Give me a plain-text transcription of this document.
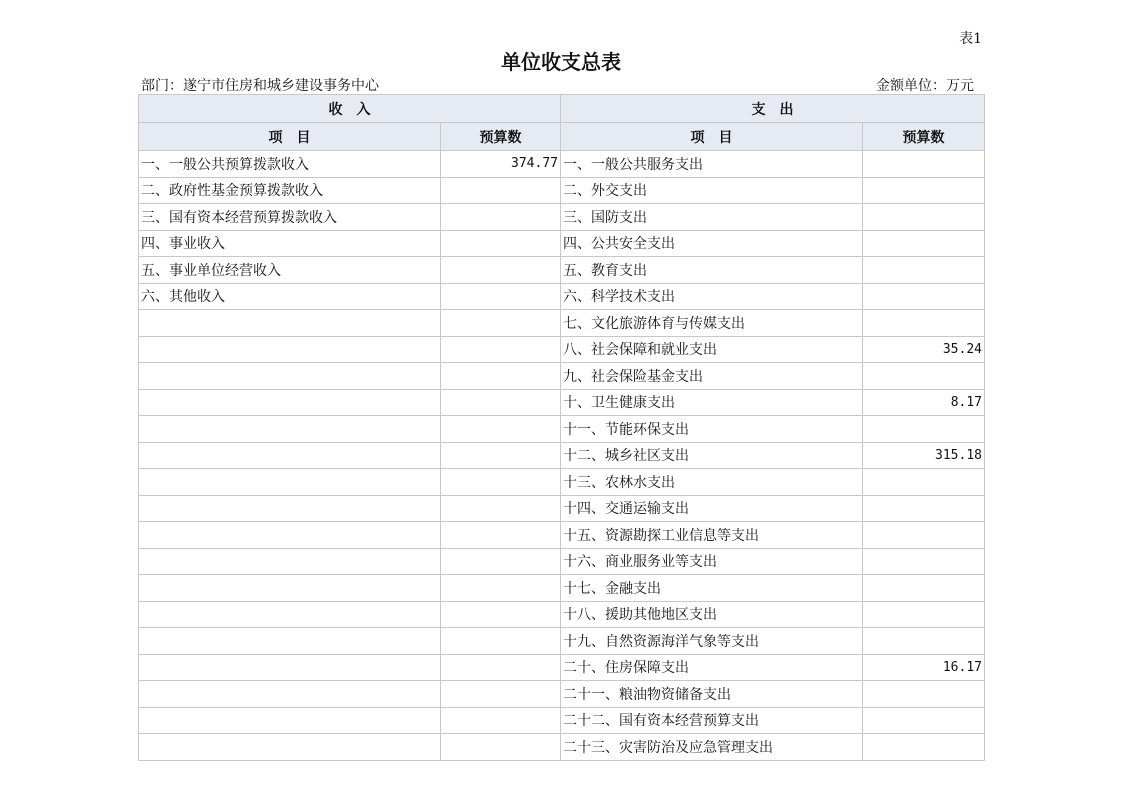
表1
单位收支总表
部门：遂宁市住房和城乡建设事务中心	金额单位：万元
收　入		支　出	
项　目	预算数	项　目	预算数
一、一般公共预算拨款收入	374.77	一、一般公共服务支出	
二、政府性基金预算拨款收入		二、外交支出	
三、国有资本经营预算拨款收入		三、国防支出	
四、事业收入		四、公共安全支出	
五、事业单位经营收入		五、教育支出	
六、其他收入		六、科学技术支出	
		七、文化旅游体育与传媒支出	
		八、社会保障和就业支出	35.24
		九、社会保险基金支出	
		十、卫生健康支出	8.17
		十一、节能环保支出	
		十二、城乡社区支出	315.18
		十三、农林水支出	
		十四、交通运输支出	
		十五、资源勘探工业信息等支出	
		十六、商业服务业等支出	
		十七、金融支出	
		十八、援助其他地区支出	
		十九、自然资源海洋气象等支出	
		二十、住房保障支出	16.17
		二十一、粮油物资储备支出	
		二十二、国有资本经营预算支出	
		二十三、灾害防治及应急管理支出	
